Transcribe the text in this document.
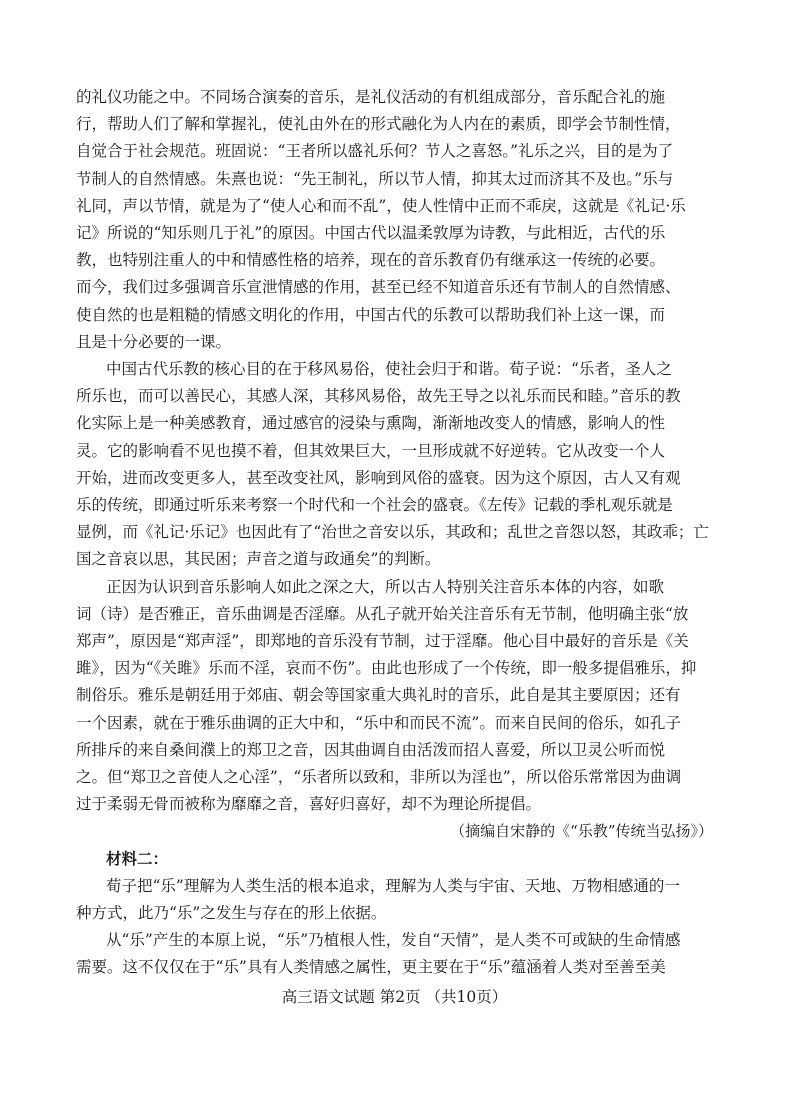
的礼仪功能之中。不同场合演奏的音乐，是礼仪活动的有机组成部分，音乐配合礼的施
行，帮助人们了解和掌握礼，使礼由外在的形式融化为人内在的素质，即学会节制性情，
自觉合于社会规范。班固说：“王者所以盛礼乐何？节人之喜怒。”礼乐之兴，目的是为了
节制人的自然情感。朱熹也说：“先王制礼，所以节人情，抑其太过而济其不及也。”乐与
礼同，声以节情，就是为了“使人心和而不乱”，使人性情中正而不乖戾，这就是《礼记·乐
记》所说的“知乐则几于礼”的原因。中国古代以温柔敦厚为诗教，与此相近，古代的乐
教，也特别注重人的中和情感性格的培养，现在的音乐教育仍有继承这一传统的必要。
而今，我们过多强调音乐宣泄情感的作用，甚至已经不知道音乐还有节制人的自然情感、
使自然的也是粗糙的情感文明化的作用，中国古代的乐教可以帮助我们补上这一课，而
且是十分必要的一课。
中国古代乐教的核心目的在于移风易俗，使社会归于和谐。荀子说：“乐者，圣人之
所乐也，而可以善民心，其感人深，其移风易俗，故先王导之以礼乐而民和睦。”音乐的教
化实际上是一种美感教育，通过感官的浸染与熏陶，渐渐地改变人的情感，影响人的性
灵。它的影响看不见也摸不着，但其效果巨大，一旦形成就不好逆转。它从改变一个人
开始，进而改变更多人，甚至改变社风，影响到风俗的盛衰。因为这个原因，古人又有观
乐的传统，即通过听乐来考察一个时代和一个社会的盛衰。《左传》记载的季札观乐就是
显例，而《礼记·乐记》也因此有了“治世之音安以乐，其政和；乱世之音怨以怒，其政乖；亡
国之音哀以思，其民困；声音之道与政通矣”的判断。
正因为认识到音乐影响人如此之深之大，所以古人特别关注音乐本体的内容，如歌
词（诗）是否雅正，音乐曲调是否淫靡。从孔子就开始关注音乐有无节制，他明确主张“放
郑声”，原因是“郑声淫”，即郑地的音乐没有节制，过于淫靡。他心目中最好的音乐是《关
雎》，因为“《关雎》乐而不淫，哀而不伤”。由此也形成了一个传统，即一般多提倡雅乐，抑
制俗乐。雅乐是朝廷用于郊庙、朝会等国家重大典礼时的音乐，此自是其主要原因；还有
一个因素，就在于雅乐曲调的正大中和，“乐中和而民不流”。而来自民间的俗乐，如孔子
所排斥的来自桑间濮上的郑卫之音，因其曲调自由活泼而招人喜爱，所以卫灵公听而悦
之。但“郑卫之音使人之心淫”，“乐者所以致和，非所以为淫也”，所以俗乐常常因为曲调
过于柔弱无骨而被称为靡靡之音，喜好归喜好，却不为理论所提倡。
（摘编自宋静的《“乐教”传统当弘扬》）
材料二：
荀子把“乐”理解为人类生活的根本追求，理解为人类与宇宙、天地、万物相感通的一
种方式，此乃“乐”之发生与存在的形上依据。
高三语文试题 第2页 （共10页）
从“乐”产生的本原上说，“乐”乃植根人性，发自“天情”，是人类不可或缺的生命情感
需要。这不仅仅在于“乐”具有人类情感之属性，更主要在于“乐”蕴涵着人类对至善至美
